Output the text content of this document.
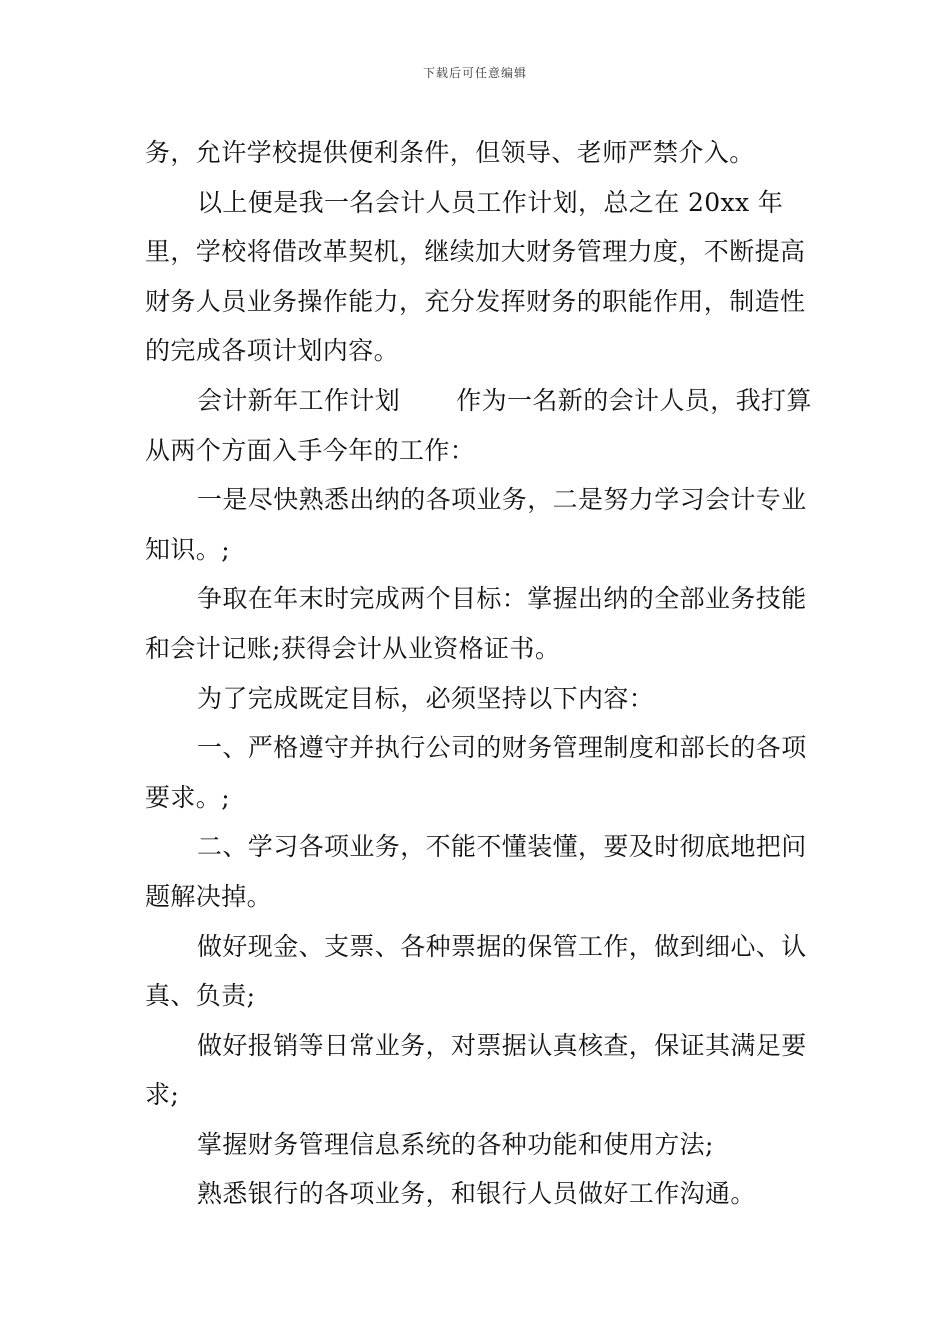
下载后可任意编辑

务，允许学校提供便利条件，但领导、老师严禁介入。

以上便是我一名会计人员工作计划，总之在 20xx 年里，学校将借改革契机，继续加大财务管理力度，不断提高财务人员业务操作能力，充分发挥财务的职能作用，制造性的完成各项计划内容。

会计新年工作计划 作为一名新的会计人员，我打算从两个方面入手今年的工作：

一是尽快熟悉出纳的各项业务，二是努力学习会计专业知识。;

争取在年末时完成两个目标：掌握出纳的全部业务技能和会计记账;获得会计从业资格证书。

为了完成既定目标，必须坚持以下内容：

一、严格遵守并执行公司的财务管理制度和部长的各项要求。;

二、学习各项业务，不能不懂装懂，要及时彻底地把问题解决掉。

做好现金、支票、各种票据的保管工作，做到细心、认真、负责;

做好报销等日常业务，对票据认真核查，保证其满足要求;

掌握财务管理信息系统的各种功能和使用方法;

熟悉银行的各项业务，和银行人员做好工作沟通。
